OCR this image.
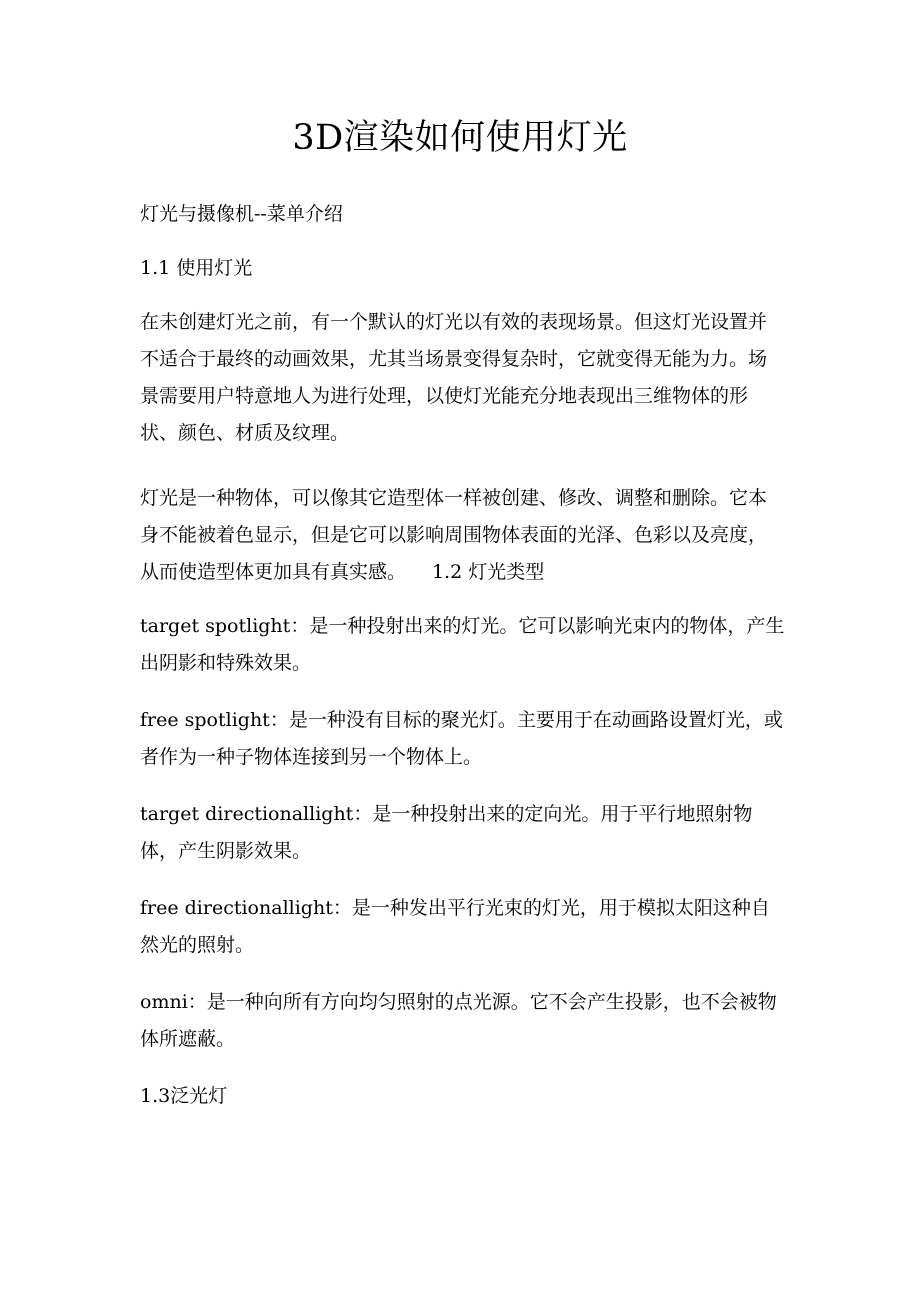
3D渲染如何使用灯光

灯光与摄像机--菜单介绍

1.1 使用灯光

在未创建灯光之前，有一个默认的灯光以有效的表现场景。但这灯光设置并不适合于最终的动画效果，尤其当场景变得复杂时，它就变得无能为力。场景需要用户特意地人为进行处理，以使灯光能充分地表现出三维物体的形状、颜色、材质及纹理。

灯光是一种物体，可以像其它造型体一样被创建、修改、调整和删除。它本身不能被着色显示，但是它可以影响周围物体表面的光泽、色彩以及亮度，从而使造型体更加具有真实感。 1.2 灯光类型

target spotlight：是一种投射出来的灯光。它可以影响光束内的物体，产生出阴影和特殊效果。

free spotlight：是一种没有目标的聚光灯。主要用于在动画路设置灯光，或者作为一种子物体连接到另一个物体上。

target directionallight：是一种投射出来的定向光。用于平行地照射物体，产生阴影效果。

free directionallight：是一种发出平行光束的灯光，用于模拟太阳这种自然光的照射。

omni：是一种向所有方向均匀照射的点光源。它不会产生投影，也不会被物体所遮蔽。

1.3泛光灯
